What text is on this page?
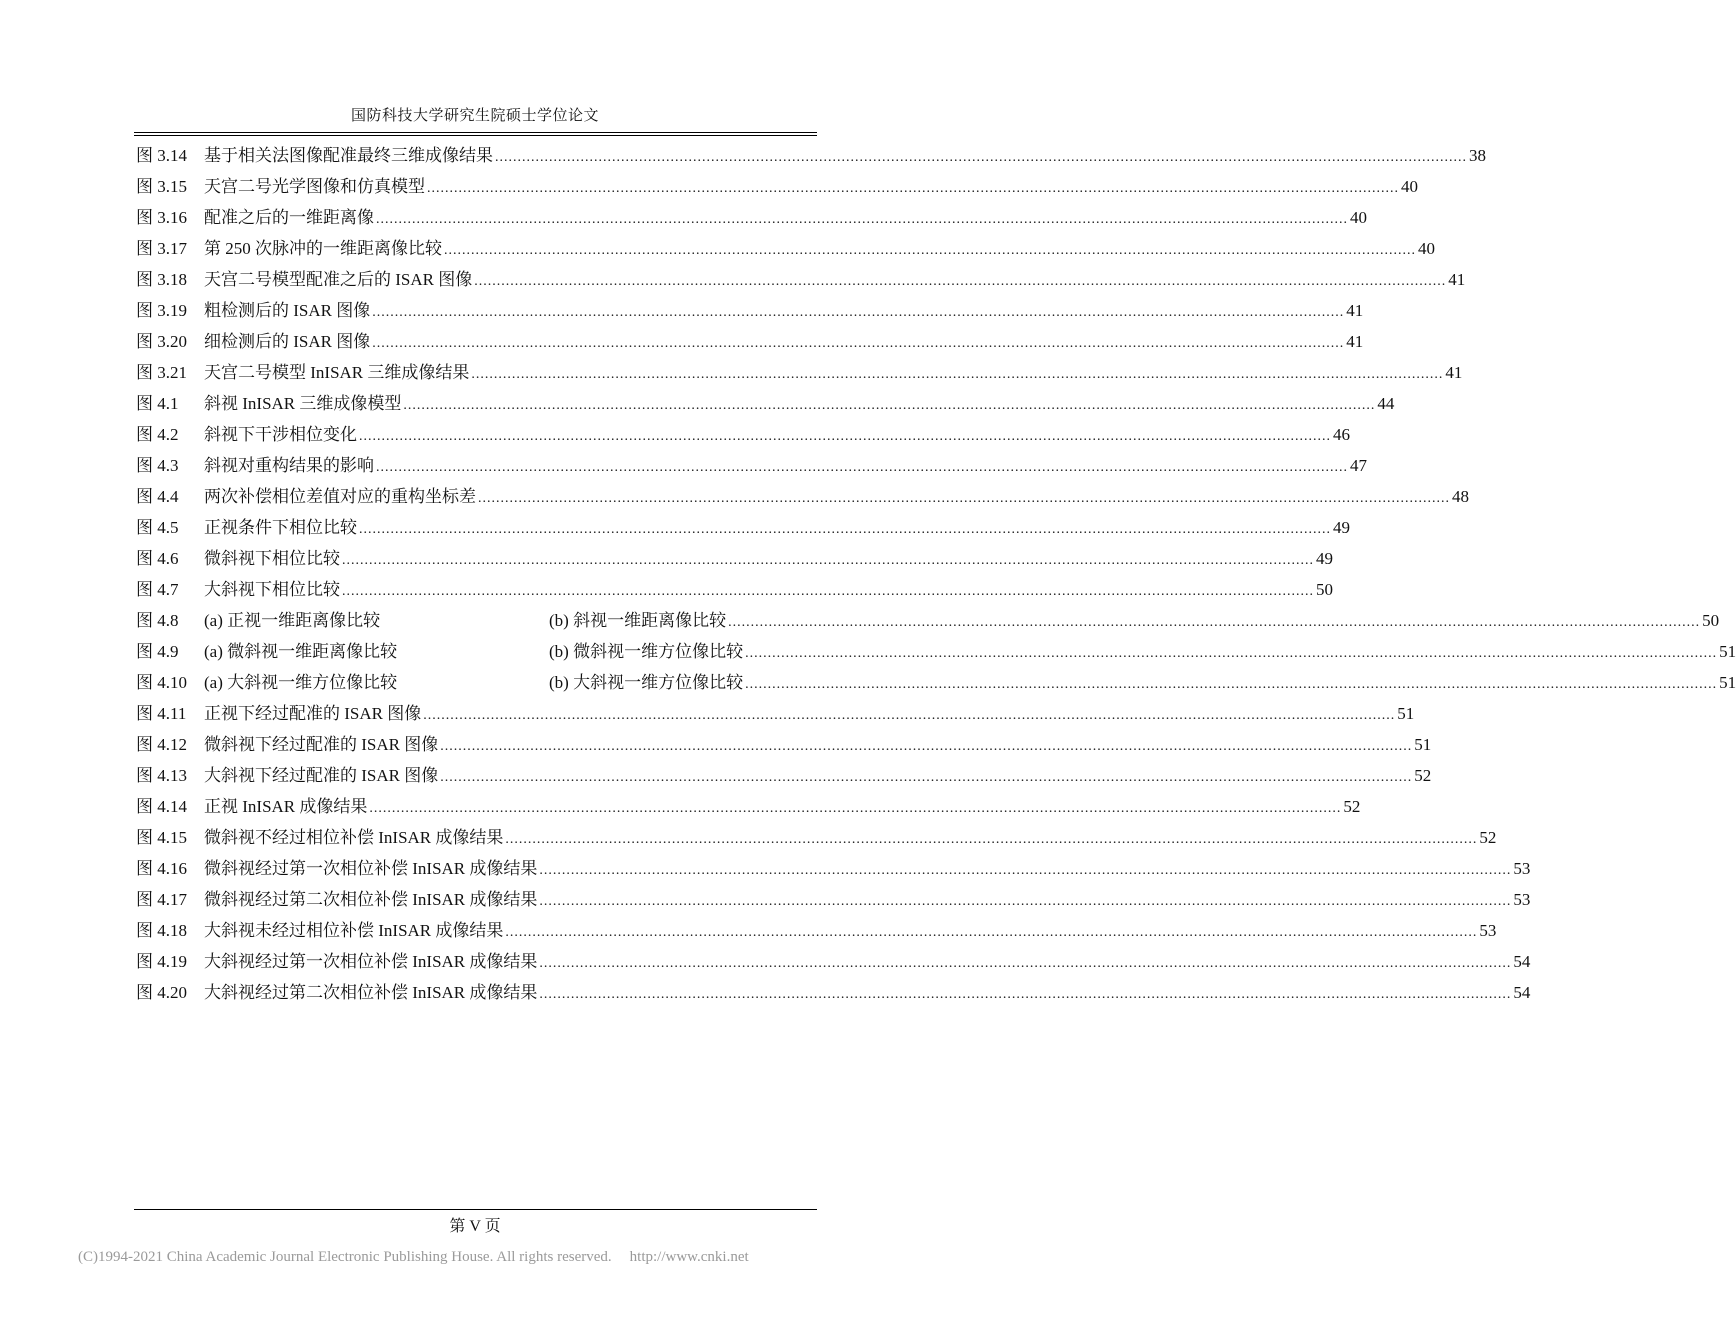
国防科技大学研究生院硕士学位论文
图 3.14 基于相关法图像配准最终三维成像结果 .....	38
图 3.15 天宫二号光学图像和仿真模型 .....	40
图 3.16 配准之后的一维距离像 .....	40
图 3.17 第 250 次脉冲的一维距离像比较 .....	40
图 3.18 天宫二号模型配准之后的 ISAR 图像 .....	41
图 3.19 粗检测后的 ISAR 图像 .....	41
图 3.20 细检测后的 ISAR 图像 .....	41
图 3.21 天宫二号模型 InISAR 三维成像结果 .....	41
图 4.1 斜视 InISAR 三维成像模型 .....	44
图 4.2 斜视下干涉相位变化 .....	46
图 4.3 斜视对重构结果的影响 .....	47
图 4.4 两次补偿相位差值对应的重构坐标差 .....	48
图 4.5 正视条件下相位比较 .....	49
图 4.6 微斜视下相位比较 .....	49
图 4.7 大斜视下相位比较 .....	50
图 4.8 (a) 正视一维距离像比较	(b) 斜视一维距离像比较 .....	50
图 4.9 (a) 微斜视一维距离像比较	(b) 微斜视一维方位像比较 .....	51
图 4.10 (a) 大斜视一维方位像比较	(b) 大斜视一维方位像比较 .....	51
图 4.11 正视下经过配准的 ISAR 图像 .....	51
图 4.12 微斜视下经过配准的 ISAR 图像 .....	51
图 4.13 大斜视下经过配准的 ISAR 图像 .....	52
图 4.14 正视 InISAR 成像结果 .....	52
图 4.15 微斜视不经过相位补偿 InISAR 成像结果 .....	52
图 4.16 微斜视经过第一次相位补偿 InISAR 成像结果 .....	53
图 4.17 微斜视经过第二次相位补偿 InISAR 成像结果 .....	53
图 4.18 大斜视未经过相位补偿 InISAR 成像结果 .....	53
图 4.19 大斜视经过第一次相位补偿 InISAR 成像结果 .....	54
图 4.20 大斜视经过第二次相位补偿 InISAR 成像结果 .....	54
第 V 页
(C)1994-2021 China Academic Journal Electronic Publishing House. All rights reserved. http://www.cnki.net
